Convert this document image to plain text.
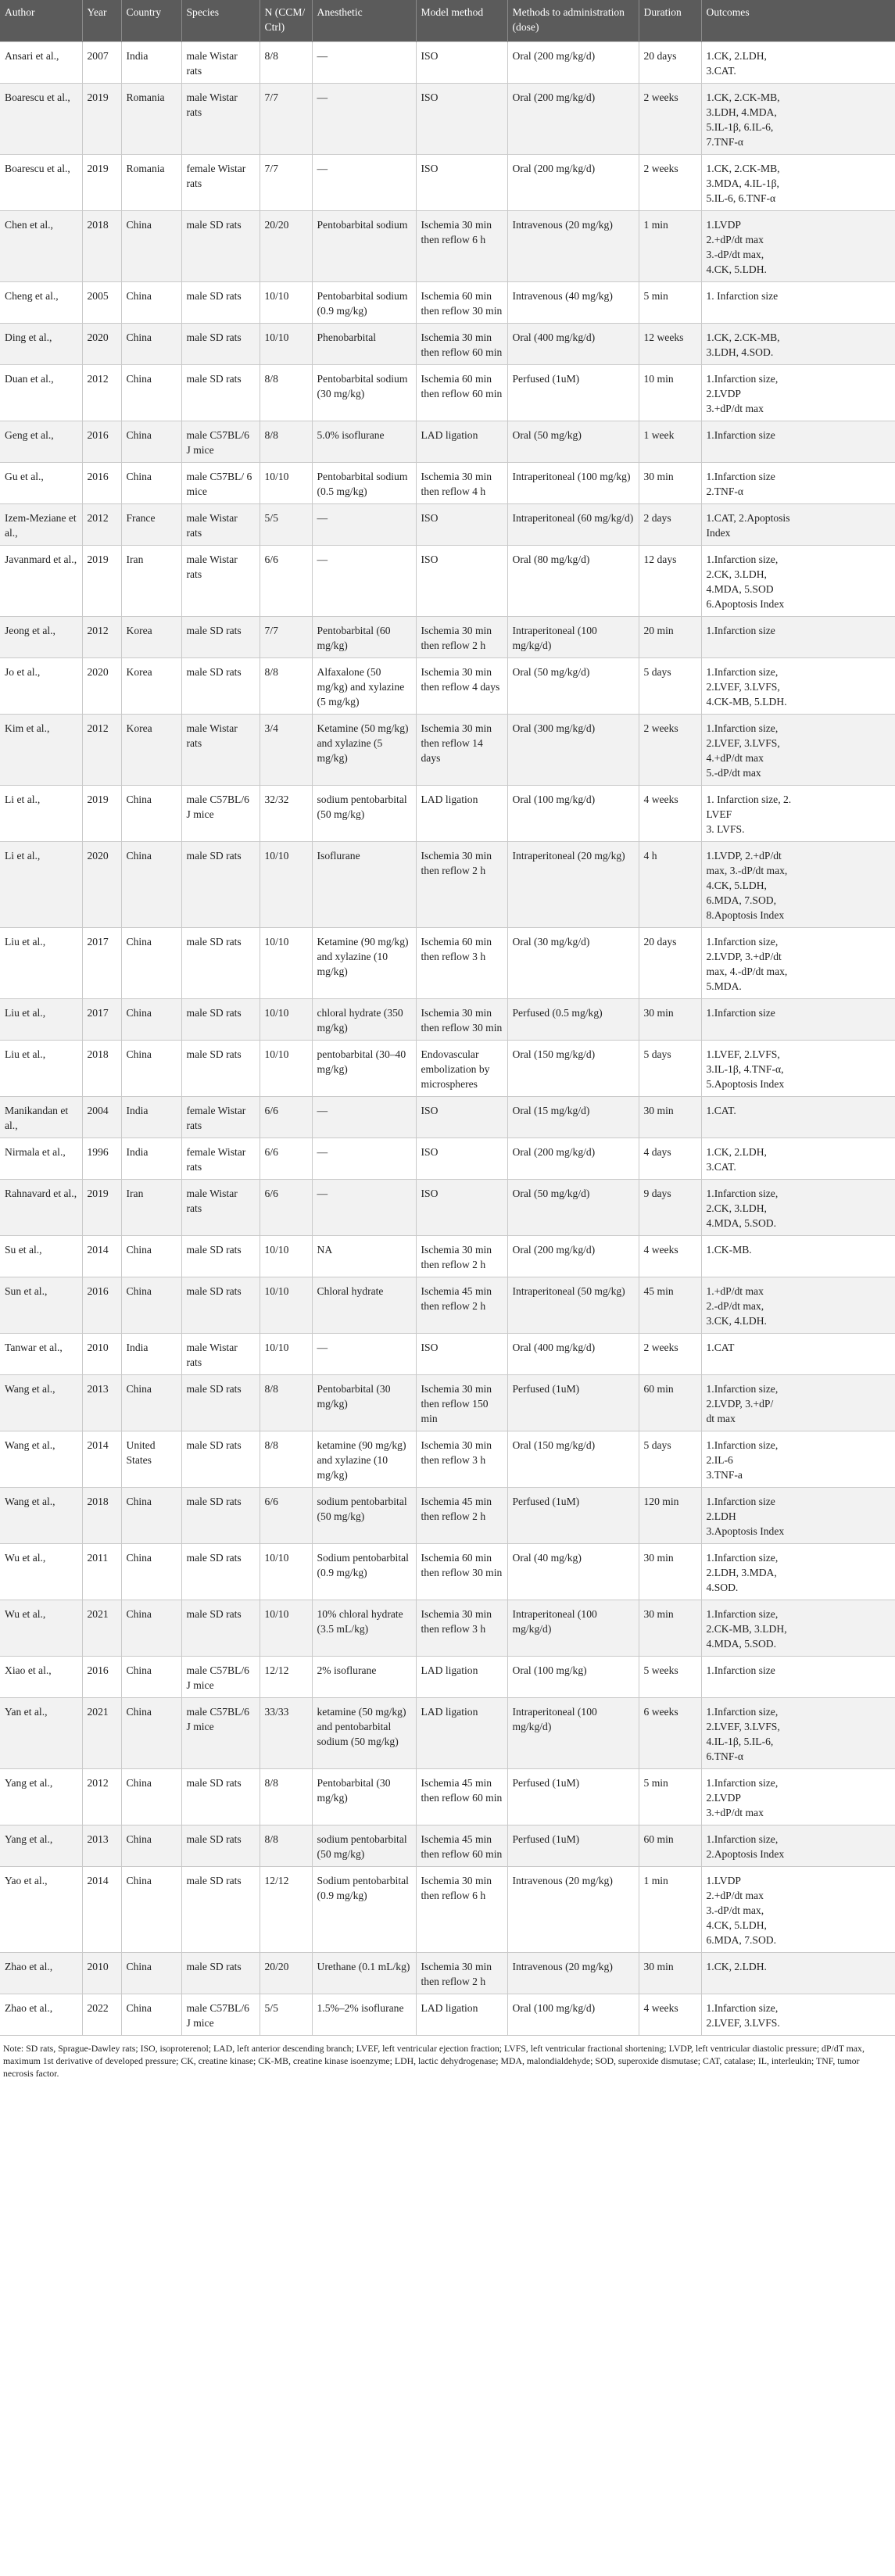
Author	Year	Country	Species	N (CCM/ Ctrl)	Anesthetic	Model method	Methods to administration (dose)	Duration	Outcomes
Ansari et al.,	2007	India	male Wistar rats	8/8	—	ISO	Oral (200 mg/kg/d)	20 days	1.CK, 2.LDH,
3.CAT.

Boarescu et al.,	2019	Romania	male Wistar rats	7/7	—	ISO	Oral (200 mg/kg/d)	2 weeks	1.CK, 2.CK-MB,
3.LDH, 4.MDA,
5.IL-1β, 6.IL-6,
7.TNF-α

Boarescu et al.,	2019	Romania	female Wistar rats	7/7	—	ISO	Oral (200 mg/kg/d)	2 weeks	1.CK, 2.CK-MB,
3.MDA, 4.IL-1β,
5.IL-6, 6.TNF-α

Chen et al.,	2018	China	male SD rats	20/20	Pentobarbital sodium	Ischemia 30 min then reflow 6 h	Intravenous (20 mg/kg)	1 min	1.LVDP
2.+dP/dt max
3.-dP/dt max,
4.CK, 5.LDH.

Cheng et al.,	2005	China	male SD rats	10/10	Pentobarbital sodium (0.9 mg/kg)	Ischemia 60 min then reflow 30 min	Intravenous (40 mg/kg)	5 min	1. Infarction size

Ding et al.,	2020	China	male SD rats	10/10	Phenobarbital	Ischemia 30 min then reflow 60 min	Oral (400 mg/kg/d)	12 weeks	1.CK, 2.CK-MB,
3.LDH, 4.SOD.

Duan et al.,	2012	China	male SD rats	8/8	Pentobarbital sodium (30 mg/kg)	Ischemia 60 min then reflow 60 min	Perfused (1uM)	10 min	1.Infarction size,
2.LVDP
3.+dP/dt max

Geng et al.,	2016	China	male C57BL/6 J mice	8/8	5.0% isoflurane	LAD ligation	Oral (50 mg/kg)	1 week	1.Infarction size

Gu et al.,	2016	China	male C57BL/ 6 mice	10/10	Pentobarbital sodium (0.5 mg/kg)	Ischemia 30 min then reflow 4 h	Intraperitoneal (100 mg/kg)	30 min	1.Infarction size
2.TNF-α

Izem-Meziane et al.,	2012	France	male Wistar rats	5/5	—	ISO	Intraperitoneal (60 mg/kg/d)	2 days	1.CAT, 2.Apoptosis
Index

Javanmard et al.,	2019	Iran	male Wistar rats	6/6	—	ISO	Oral (80 mg/kg/d)	12 days	1.Infarction size,
2.CK, 3.LDH,
4.MDA, 5.SOD
6.Apoptosis Index

Jeong et al.,	2012	Korea	male SD rats	7/7	Pentobarbital (60 mg/kg)	Ischemia 30 min then reflow 2 h	Intraperitoneal (100 mg/kg/d)	20 min	1.Infarction size

Jo et al.,	2020	Korea	male SD rats	8/8	Alfaxalone (50 mg/kg) and xylazine (5 mg/kg)	Ischemia 30 min then reflow 4 days	Oral (50 mg/kg/d)	5 days	1.Infarction size,
2.LVEF, 3.LVFS,
4.CK-MB, 5.LDH.

Kim et al.,	2012	Korea	male Wistar rats	3/4	Ketamine (50 mg/kg) and xylazine (5 mg/kg)	Ischemia 30 min then reflow 14 days	Oral (300 mg/kg/d)	2 weeks	1.Infarction size,
2.LVEF, 3.LVFS,
4.+dP/dt max
5.-dP/dt max

Li et al.,	2019	China	male C57BL/6 J mice	32/32	sodium pentobarbital (50 mg/kg)	LAD ligation	Oral (100 mg/kg/d)	4 weeks	1. Infarction size, 2.
LVEF
3. LVFS.

Li et al.,	2020	China	male SD rats	10/10	Isoflurane	Ischemia 30 min then reflow 2 h	Intraperitoneal (20 mg/kg)	4 h	1.LVDP, 2.+dP/dt
max, 3.-dP/dt max,
4.CK, 5.LDH,
6.MDA, 7.SOD,
8.Apoptosis Index

Liu et al.,	2017	China	male SD rats	10/10	Ketamine (90 mg/kg) and xylazine (10 mg/kg)	Ischemia 60 min then reflow 3 h	Oral (30 mg/kg/d)	20 days	1.Infarction size,
2.LVDP, 3.+dP/dt
max, 4.-dP/dt max,
5.MDA.

Liu et al.,	2017	China	male SD rats	10/10	chloral hydrate (350 mg/kg)	Ischemia 30 min then reflow 30 min	Perfused (0.5 mg/kg)	30 min	1.Infarction size

Liu et al.,	2018	China	male SD rats	10/10	pentobarbital (30–40 mg/kg)	Endovascular embolization by microspheres	Oral (150 mg/kg/d)	5 days	1.LVEF, 2.LVFS,
3.IL-1β, 4.TNF-α,
5.Apoptosis Index

Manikandan et al.,	2004	India	female Wistar rats	6/6	—	ISO	Oral (15 mg/kg/d)	30 min	1.CAT.

Nirmala et al.,	1996	India	female Wistar rats	6/6	—	ISO	Oral (200 mg/kg/d)	4 days	1.CK, 2.LDH,
3.CAT.

Rahnavard et al.,	2019	Iran	male Wistar rats	6/6	—	ISO	Oral (50 mg/kg/d)	9 days	1.Infarction size,
2.CK, 3.LDH,
4.MDA, 5.SOD.

Su et al.,	2014	China	male SD rats	10/10	NA	Ischemia 30 min then reflow 2 h	Oral (200 mg/kg/d)	4 weeks	1.CK-MB.

Sun et al.,	2016	China	male SD rats	10/10	Chloral hydrate	Ischemia 45 min then reflow 2 h	Intraperitoneal (50 mg/kg)	45 min	1.+dP/dt max
2.-dP/dt max,
3.CK, 4.LDH.

Tanwar et al.,	2010	India	male Wistar rats	10/10	—	ISO	Oral (400 mg/kg/d)	2 weeks	1.CAT

Wang et al.,	2013	China	male SD rats	8/8	Pentobarbital (30 mg/kg)	Ischemia 30 min then reflow 150 min	Perfused (1uM)	60 min	1.Infarction size,
2.LVDP, 3.+dP/
dt max

Wang et al.,	2014	United States	male SD rats	8/8	ketamine (90 mg/kg) and xylazine (10 mg/kg)	Ischemia 30 min then reflow 3 h	Oral (150 mg/kg/d)	5 days	1.Infarction size,
2.IL-6
3.TNF-a

Wang et al.,	2018	China	male SD rats	6/6	sodium pentobarbital (50 mg/kg)	Ischemia 45 min then reflow 2 h	Perfused (1uM)	120 min	1.Infarction size
2.LDH
3.Apoptosis Index

Wu et al.,	2011	China	male SD rats	10/10	Sodium pentobarbital (0.9 mg/kg)	Ischemia 60 min then reflow 30 min	Oral (40 mg/kg)	30 min	1.Infarction size,
2.LDH, 3.MDA,
4.SOD.

Wu et al.,	2021	China	male SD rats	10/10	10% chloral hydrate (3.5 mL/kg)	Ischemia 30 min then reflow 3 h	Intraperitoneal (100 mg/kg/d)	30 min	1.Infarction size,
2.CK-MB, 3.LDH,
4.MDA, 5.SOD.

Xiao et al.,	2016	China	male C57BL/6 J mice	12/12	2% isoflurane	LAD ligation	Oral (100 mg/kg)	5 weeks	1.Infarction size

Yan et al.,	2021	China	male C57BL/6 J mice	33/33	ketamine (50 mg/kg) and pentobarbital sodium (50 mg/kg)	LAD ligation	Intraperitoneal (100 mg/kg/d)	6 weeks	1.Infarction size,
2.LVEF, 3.LVFS,
4.IL-1β, 5.IL-6,
6.TNF-α

Yang et al.,	2012	China	male SD rats	8/8	Pentobarbital (30 mg/kg)	Ischemia 45 min then reflow 60 min	Perfused (1uM)	5 min	1.Infarction size,
2.LVDP
3.+dP/dt max

Yang et al.,	2013	China	male SD rats	8/8	sodium pentobarbital (50 mg/kg)	Ischemia 45 min then reflow 60 min	Perfused (1uM)	60 min	1.Infarction size,
2.Apoptosis Index

Yao et al.,	2014	China	male SD rats	12/12	Sodium pentobarbital (0.9 mg/kg)	Ischemia 30 min then reflow 6 h	Intravenous (20 mg/kg)	1 min	1.LVDP
2.+dP/dt max
3.-dP/dt max,
4.CK, 5.LDH,
6.MDA, 7.SOD.

Zhao et al.,	2010	China	male SD rats	20/20	Urethane (0.1 mL/kg)	Ischemia 30 min then reflow 2 h	Intravenous (20 mg/kg)	30 min	1.CK, 2.LDH.

Zhao et al.,	2022	China	male C57BL/6 J mice	5/5	1.5%–2% isoflurane	LAD ligation	Oral (100 mg/kg/d)	4 weeks	1.Infarction size,
2.LVEF, 3.LVFS.
Note: SD rats, Sprague-Dawley rats; ISO, isoproterenol; LAD, left anterior descending branch; LVEF, left ventricular ejection fraction; LVFS, left ventricular fractional shortening; LVDP, left ventricular diastolic pressure; dP/dT max, maximum 1st derivative of developed pressure; CK, creatine kinase; CK-MB, creatine kinase isoenzyme; LDH, lactic dehydrogenase; MDA, malondialdehyde; SOD, superoxide dismutase; CAT, catalase; IL, interleukin; TNF, tumor necrosis factor.
